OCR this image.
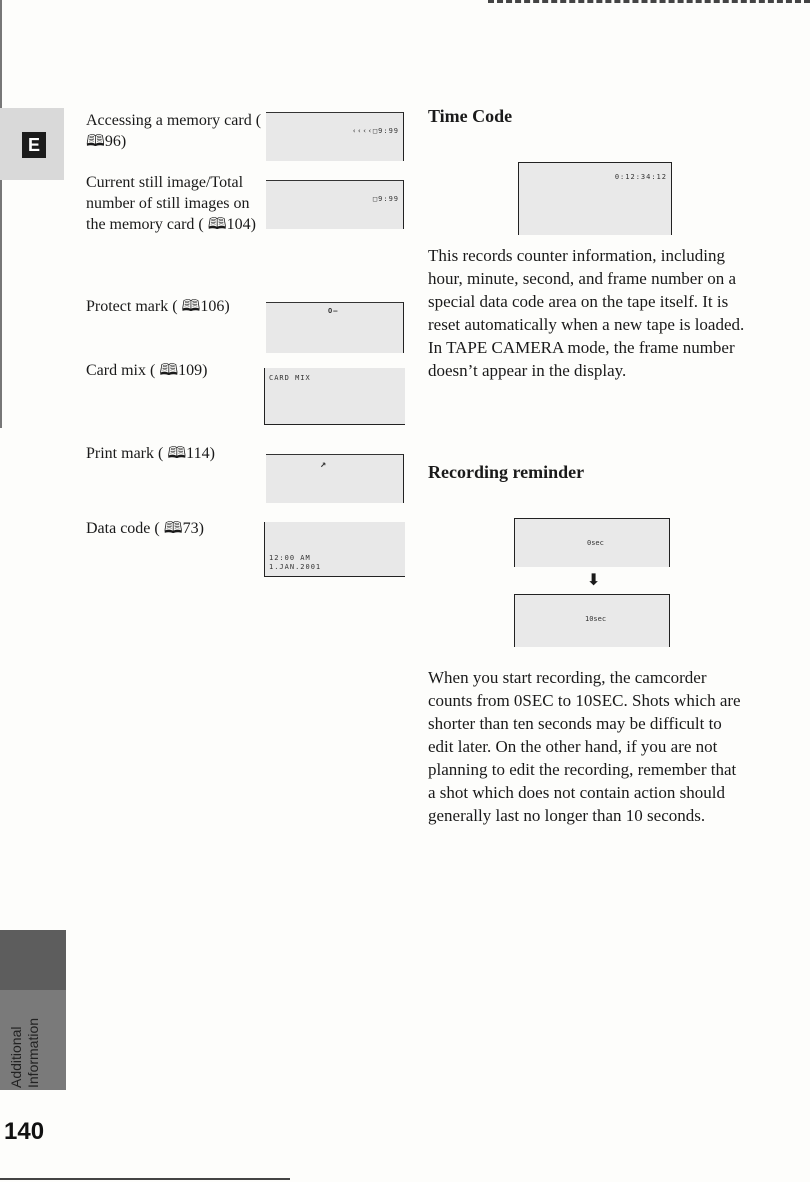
E
Additional Information
140
Accessing a memory card ( 🕮96)
‹‹‹‹□9:99
Current still image/Total number of still images on the memory card ( 🕮104)
□9:99
Protect mark ( 🕮106)	O—
Card mix ( 🕮109)	CARD MIX
Print mark ( 🕮114)
↗
Data code ( 🕮73)
12:00 AM
1.JAN.2001
Time Code
0:12:34:12
This records counter information, including hour, minute, second, and frame number on a special data code area on the tape itself. It is reset automatically when a new tape is loaded. In TAPE CAMERA mode, the frame number doesn’t appear in the display.
Recording reminder
0sec
⬇
10sec
When you start recording, the camcorder counts from 0SEC to 10SEC. Shots which are shorter than ten seconds may be difficult to edit later. On the other hand, if you are not planning to edit the recording, remember that a shot which does not contain action should generally last no longer than 10 seconds.
